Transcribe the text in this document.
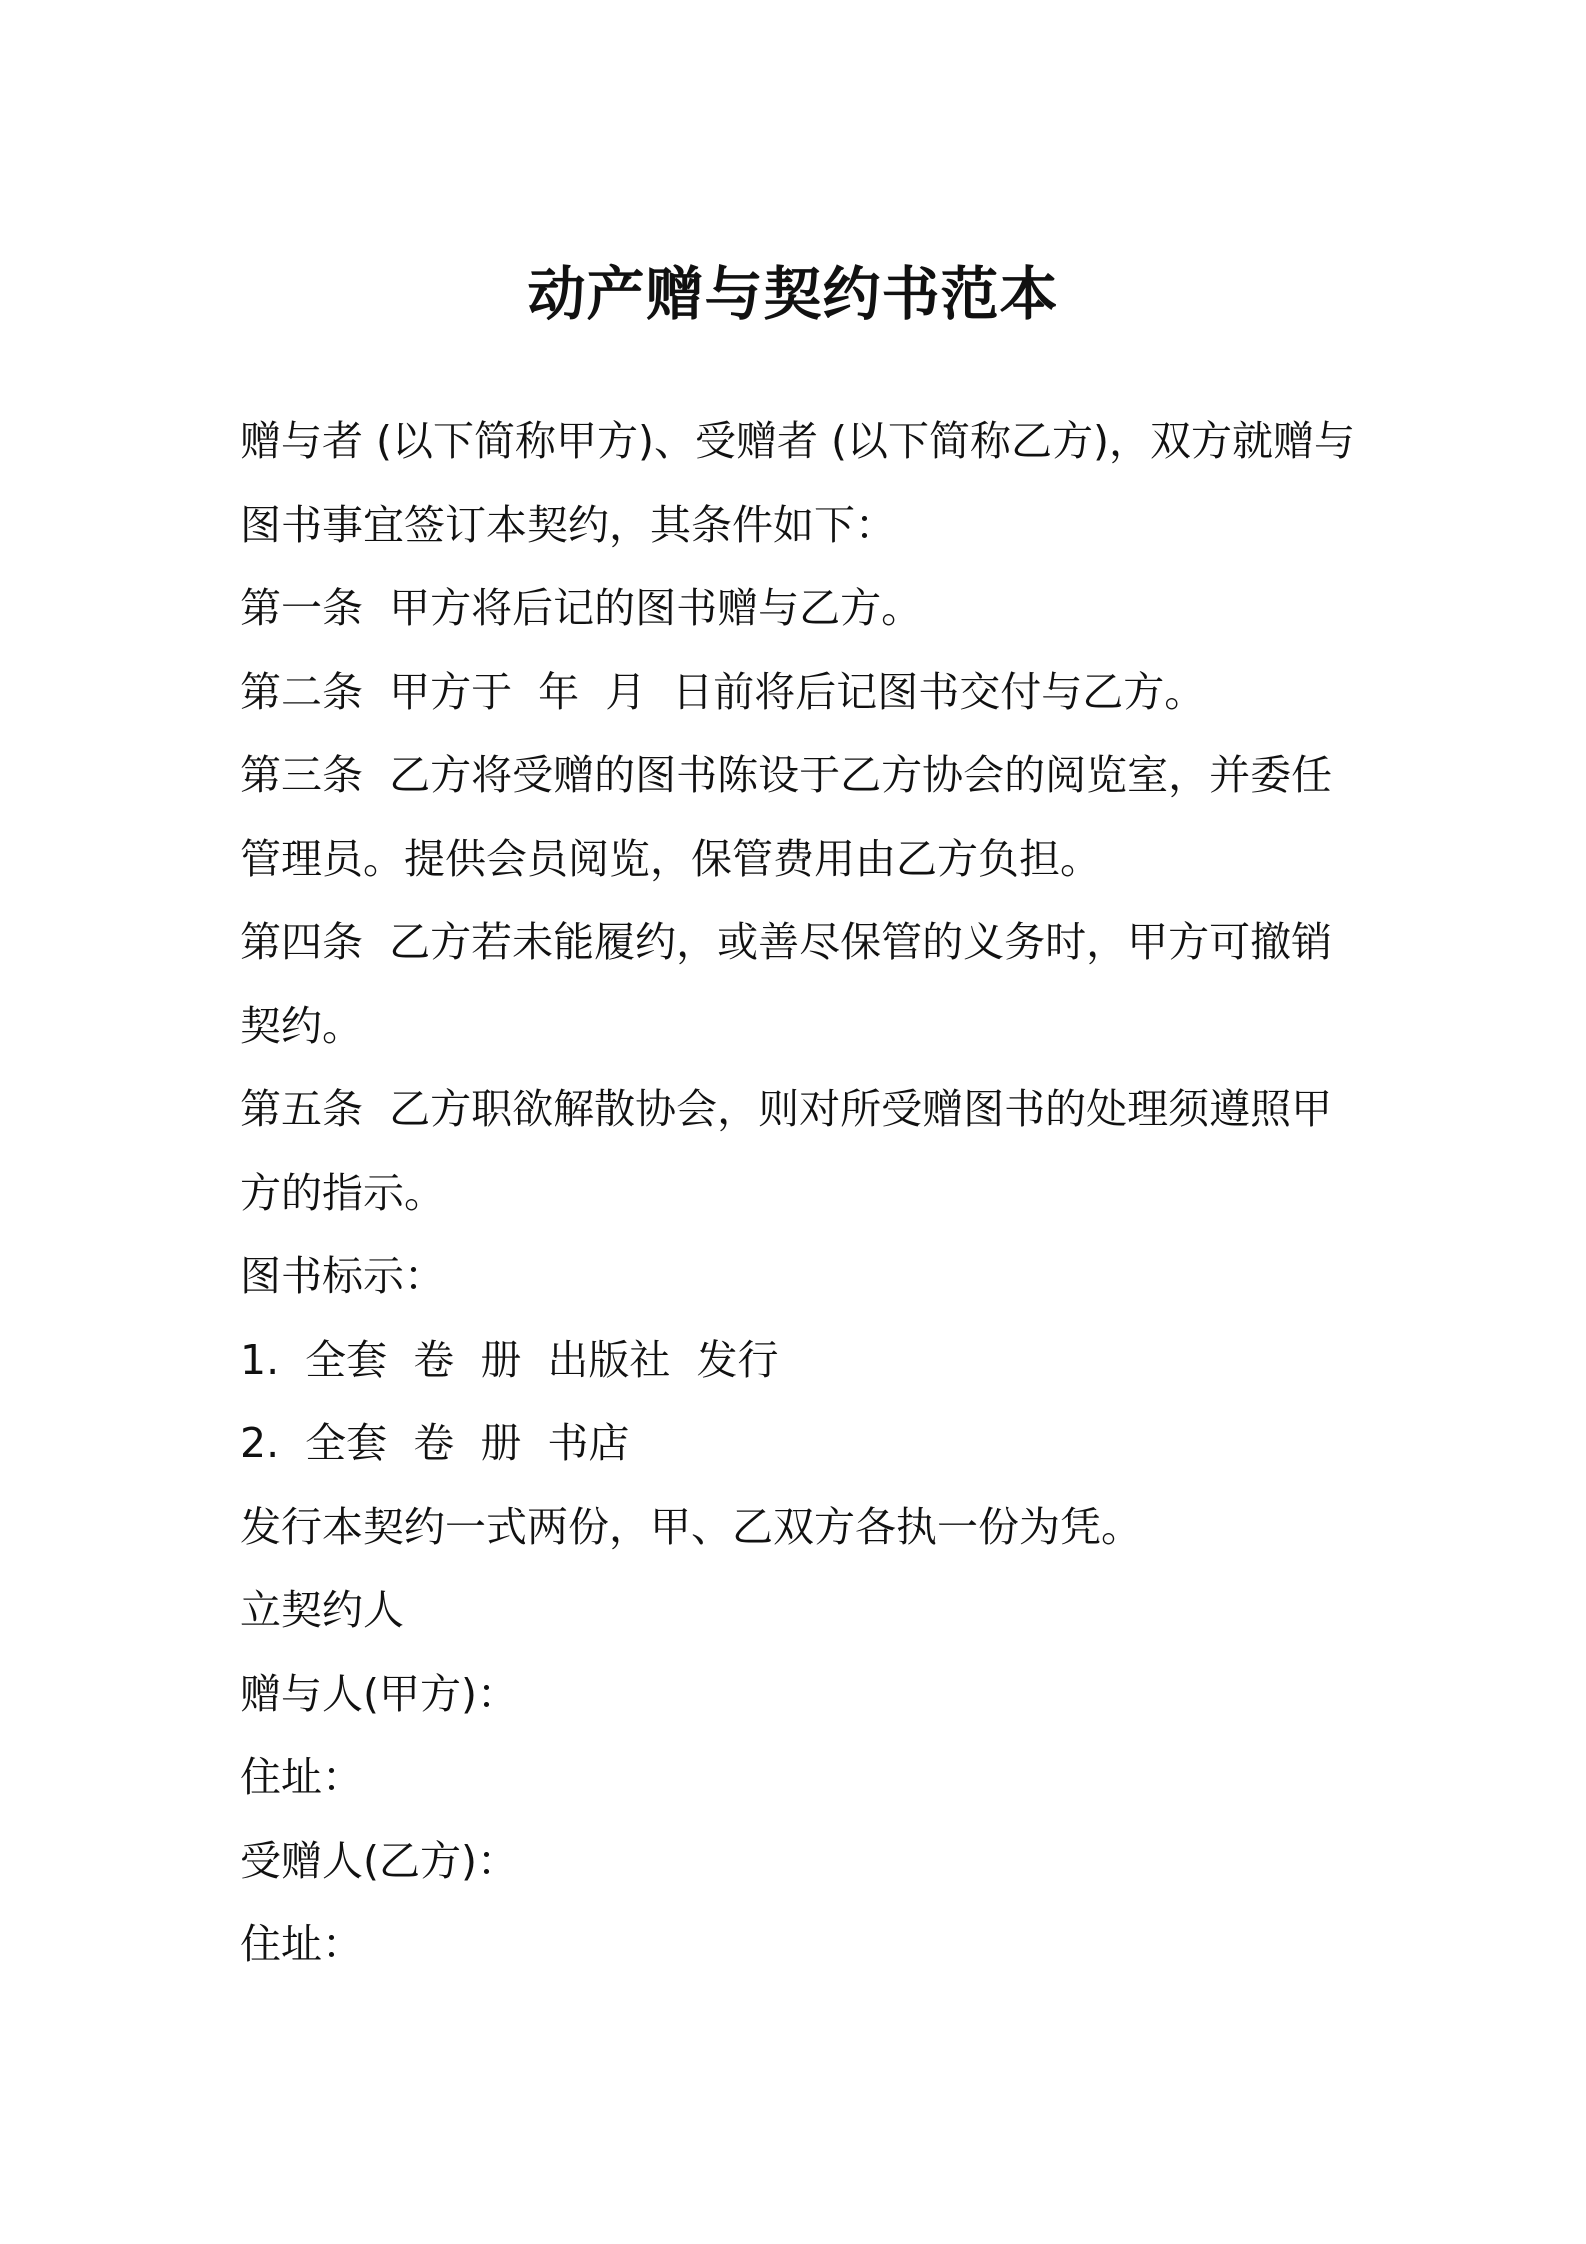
动产赠与契约书范本

赠与者 (以下简称甲方)、受赠者 (以下简称乙方)，双方就赠与图书事宜签订本契约，其条件如下：

第一条  甲方将后记的图书赠与乙方。

第二条  甲方于  年  月  日前将后记图书交付与乙方。

第三条  乙方将受赠的图书陈设于乙方协会的阅览室，并委任管理员。提供会员阅览，保管费用由乙方负担。

第四条  乙方若未能履约，或善尽保管的义务时，甲方可撤销契约。

第五条  乙方职欲解散协会，则对所受赠图书的处理须遵照甲方的指示。

图书标示：

1.  全套  卷  册  出版社  发行

2.  全套  卷  册  书店

发行本契约一式两份，甲、乙双方各执一份为凭。

立契约人

赠与人(甲方)：

住址：

受赠人(乙方)：

住址：
